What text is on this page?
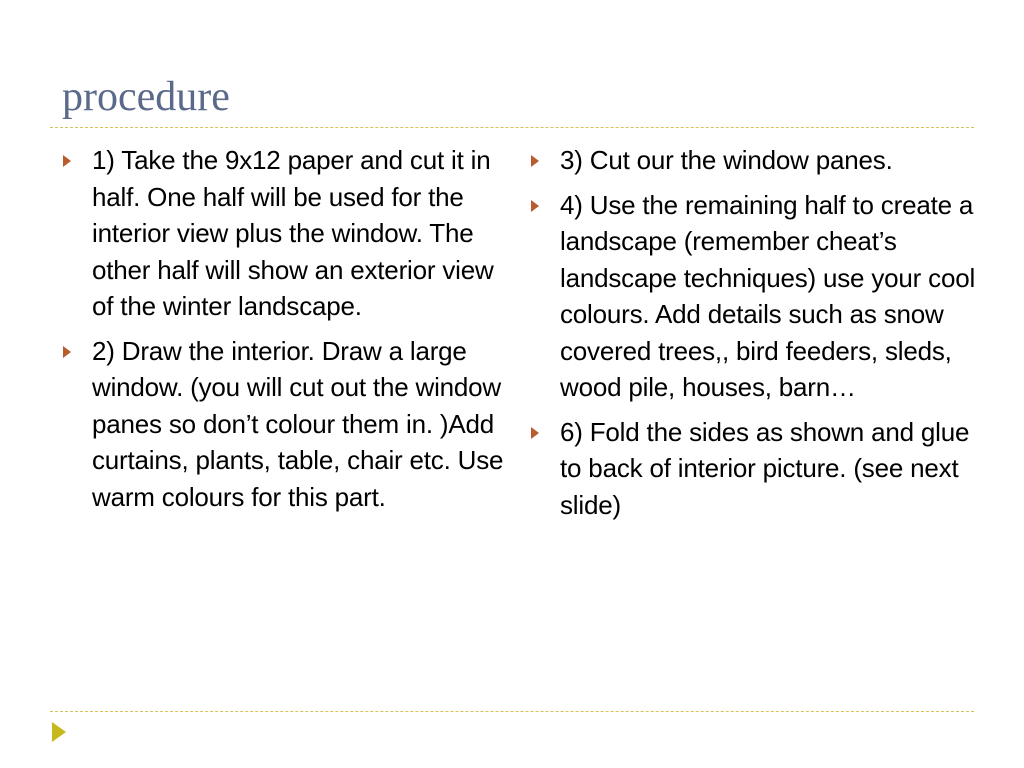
procedure
1) Take the 9x12 paper and cut it in half. One half will be used for the interior view plus the window. The other half will show an exterior view of the winter landscape.
2) Draw the interior. Draw a large window. (you will cut out the window panes so don’t colour them in. )Add curtains, plants, table, chair etc. Use warm colours for this part.
3) Cut our the window panes.
4) Use the remaining half to create a landscape (remember cheat’s landscape techniques) use your cool colours. Add details such as snow covered trees,, bird feeders, sleds, wood pile, houses, barn…
6) Fold the sides as shown and glue to back of interior picture. (see next slide)
